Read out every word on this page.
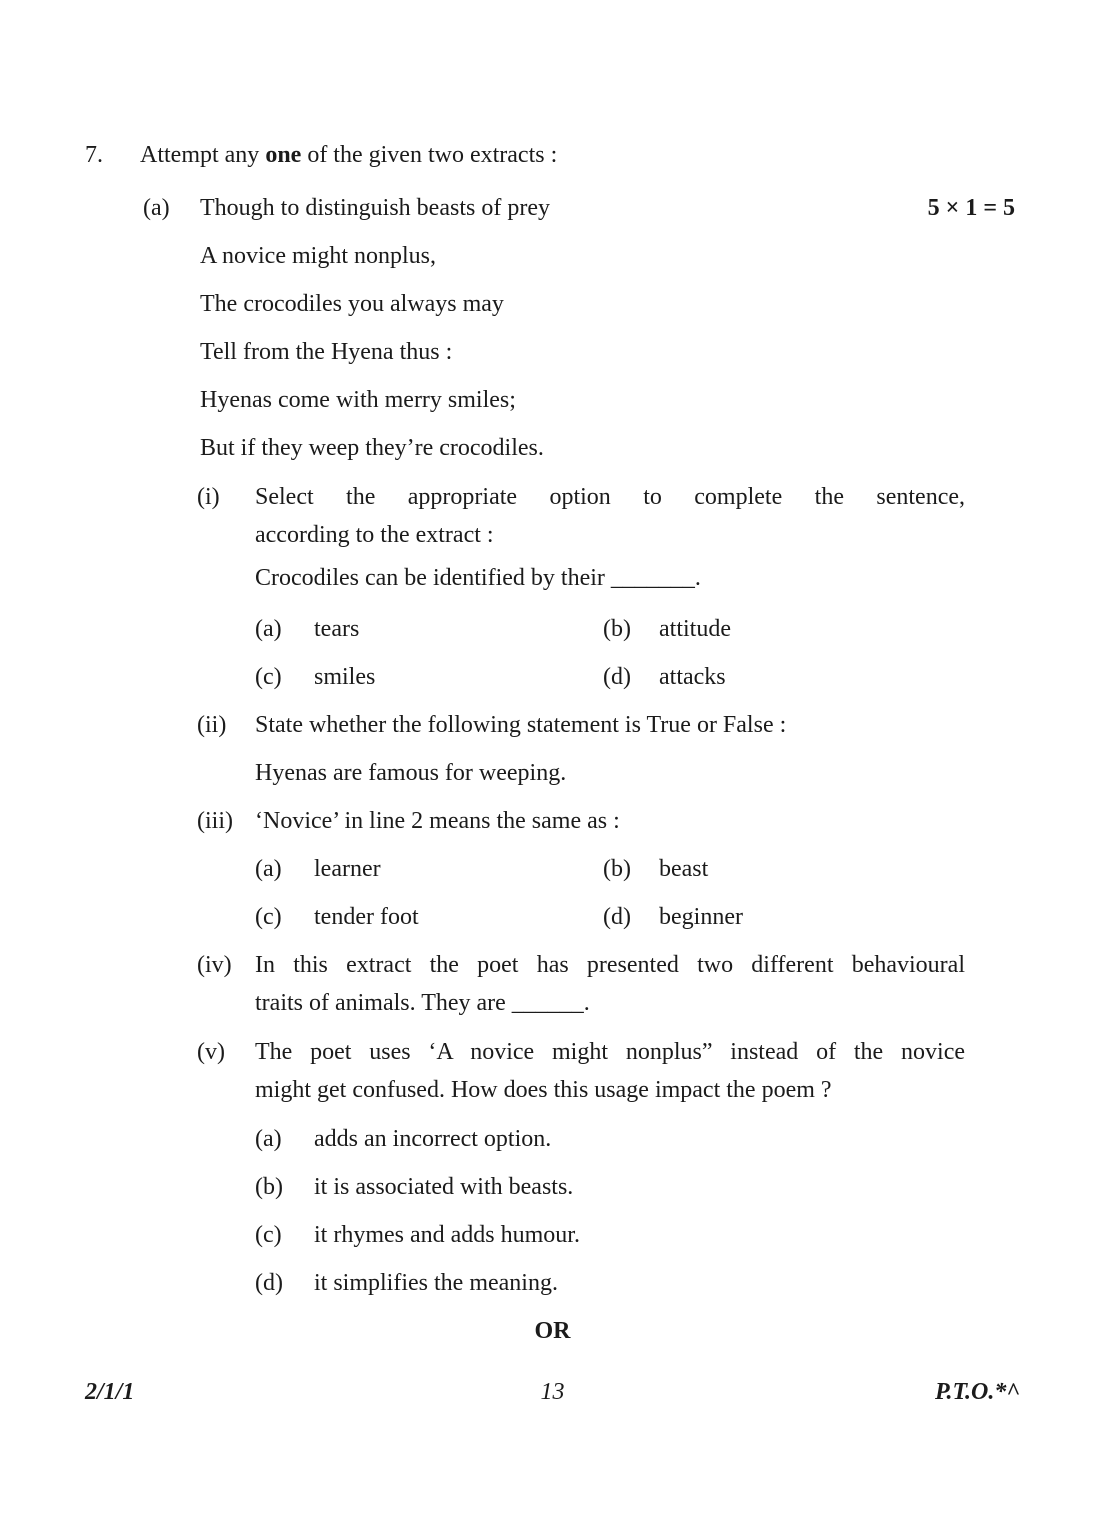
7.	Attempt any one of the given two extracts :
(a)	Though to distinguish beasts of prey	5 × 1 = 5
A novice might nonplus,
The crocodiles you always may
Tell from the Hyena thus :
Hyenas come with merry smiles;
But if they weep they’re crocodiles.
(i)	Select the appropriate option to complete the sentence,
according to the extract :
Crocodiles can be identified by their _______.
(a)	tears	(b)	attitude
(c)	smiles	(d)	attacks
(ii)	State whether the following statement is True or False :
Hyenas are famous for weeping.
(iii) ‘Novice’ in line 2 means the same as :
(a)	learner	(b)	beast
(c)	tender foot	(d)	beginner
(iv) In this extract the poet has presented two different behavioural
traits of animals. They are ______.
(v)	The poet uses ‘A novice might nonplus” instead of the novice
might get confused. How does this usage impact the poem ?
(a)	adds an incorrect option.
(b)	it is associated with beasts.
(c)	it rhymes and adds humour.
(d)	it simplifies the meaning.
OR
2/1/1	13	P.T.O.*^
